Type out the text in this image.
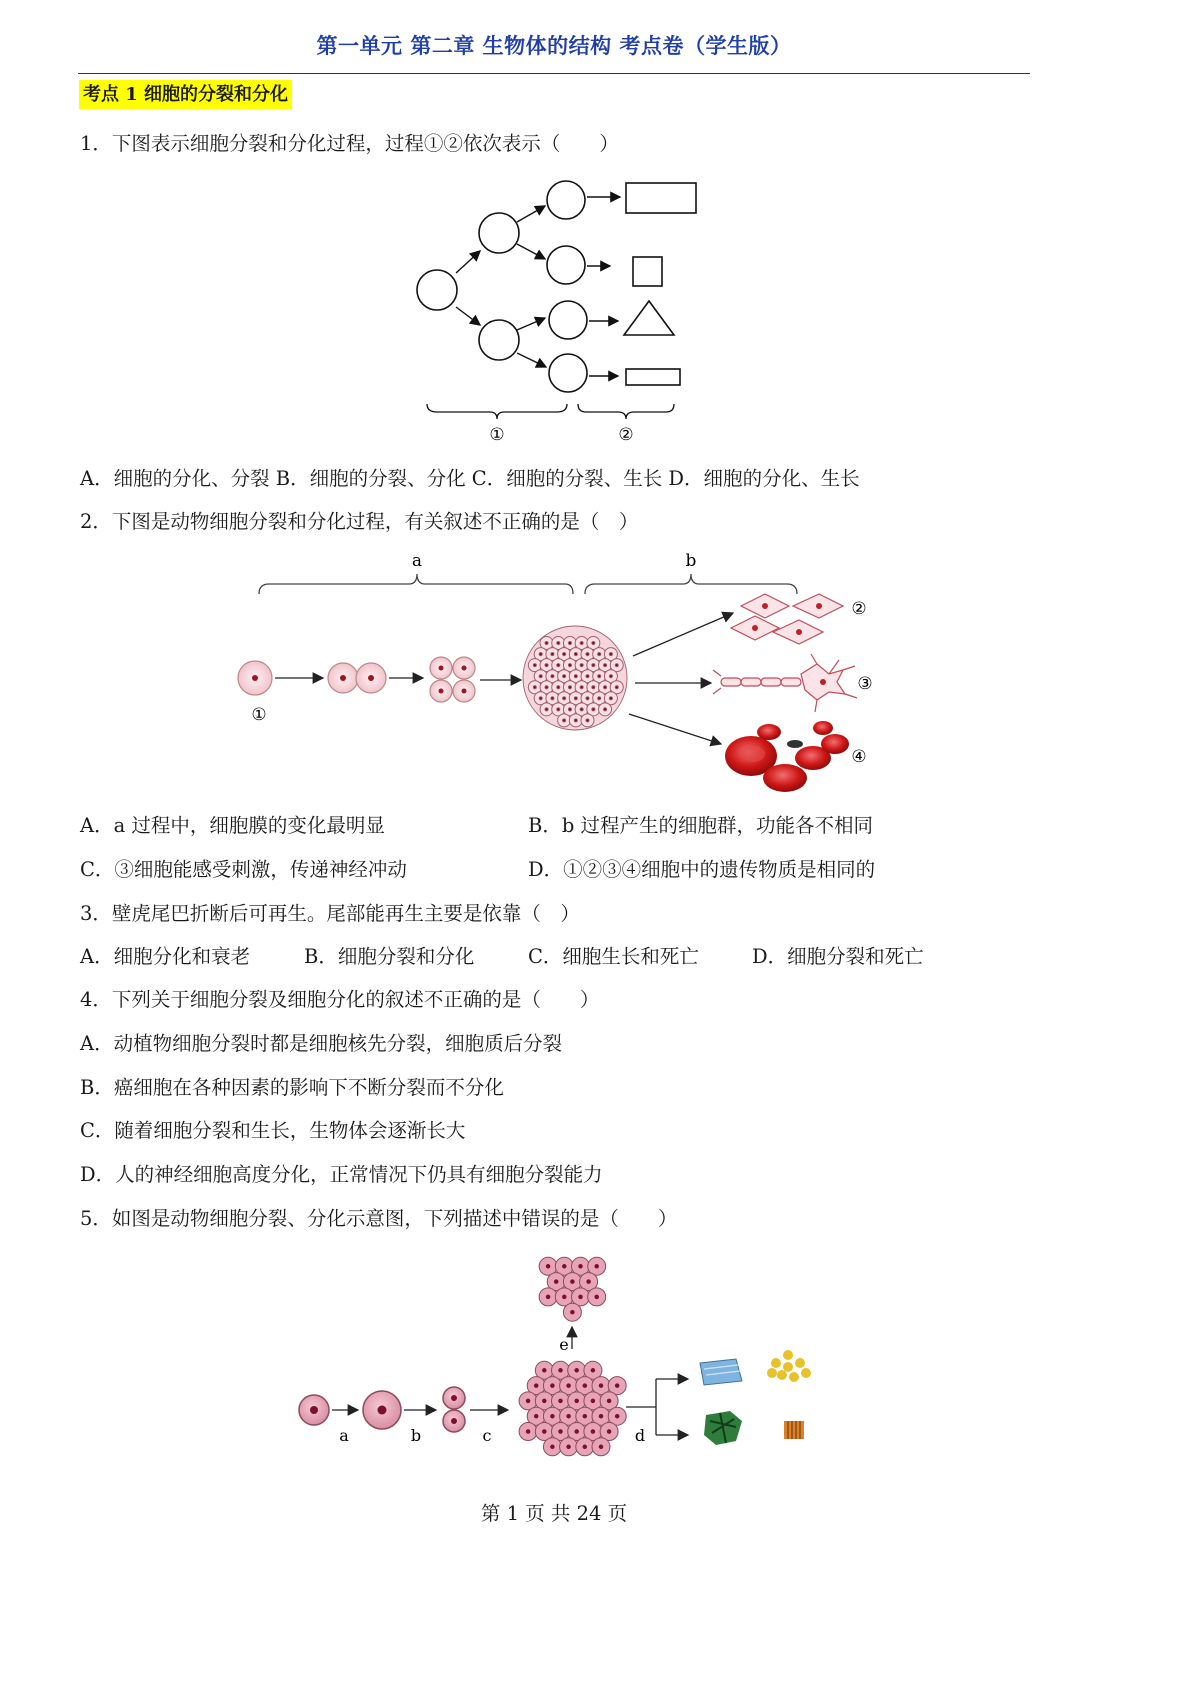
第一单元 第二章 生物体的结构 考点卷（学生版）
考点 1 细胞的分裂和分化
1．下图表示细胞分裂和分化过程，过程①②依次表示（　　）
①	②
A．细胞的分化、分裂 B．细胞的分裂、分化 C．细胞的分裂、生长 D．细胞的分化、生长
2．下图是动物细胞分裂和分化过程，有关叙述不正确的是（　）
a	b
①
②
③
④
A．a 过程中，细胞膜的变化最明显	B．b 过程产生的细胞群，功能各不相同
C．③细胞能感受刺激，传递神经冲动	D．①②③④细胞中的遗传物质是相同的
3．壁虎尾巴折断后可再生。尾部能再生主要是依靠（　）
A．细胞分化和衰老	B．细胞分裂和分化	C．细胞生长和死亡	D．细胞分裂和死亡
4．下列关于细胞分裂及细胞分化的叙述不正确的是（　　）
A．动植物细胞分裂时都是细胞核先分裂，细胞质后分裂
B．癌细胞在各种因素的影响下不断分裂而不分化
C．随着细胞分裂和生长，生物体会逐渐长大
D．人的神经细胞高度分化，正常情况下仍具有细胞分裂能力
5．如图是动物细胞分裂、分化示意图，下列描述中错误的是（　　）
a	b	c	d
e
第 1 页 共 24 页
